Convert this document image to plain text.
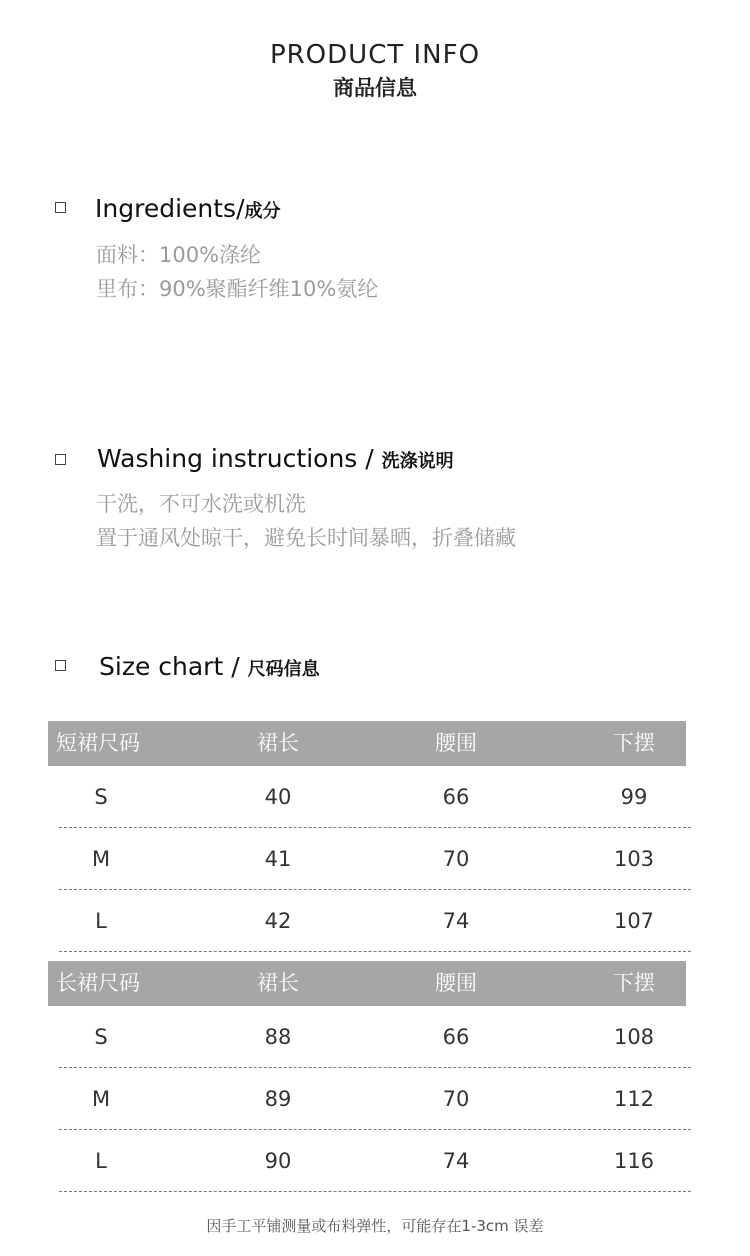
PRODUCT INFO
商品信息
Ingredients/成分
面料：100%涤纶
里布：90%聚酯纤维10%氨纶
Washing instructions / 洗涤说明
干洗，不可水洗或机洗
置于通风处晾干，避免长时间暴晒，折叠储藏
Size chart / 尺码信息
短裙尺码	裙长	腰围	下摆
S	40	66	99
M	41	70	103
L	42	74	107
长裙尺码	裙长	腰围	下摆
S	88	66	108
M	89	70	112
L	90	74	116
因手工平铺测量或布料弹性，可能存在1-3cm 误差
